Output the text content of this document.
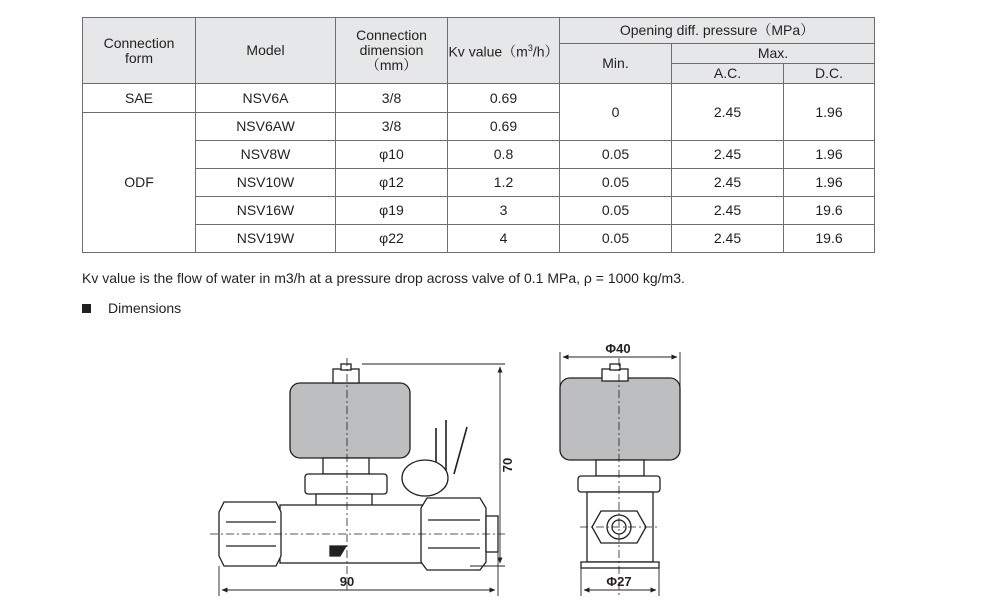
Connection
form	Model	Connection
dimension
（mm）	Kv $value(m^3/h)$	Opening diff. pressure（MPa）		
				Min.	Max.	
					A.C.	D.C.
SAE	NSV6A	3/8	0.69	0	2.45	1.96
ODF	NSV6AW	3/8	0.69			
	NSV8W	φ10	0.8	0.05	2.45	1.96
	NSV10W	φ12	1.2	0.05	2.45	1.96
	NSV16W	φ19	3	0.05	2.45	19.6
	NSV19W	φ22	4	0.05	2.45	19.6
Kv value is the flow of water in m3/h at a pressure drop across valve of 0.1 MPa, ρ = 1000 kg/m3.
Dimensions
70
90
Φ40
Φ27
